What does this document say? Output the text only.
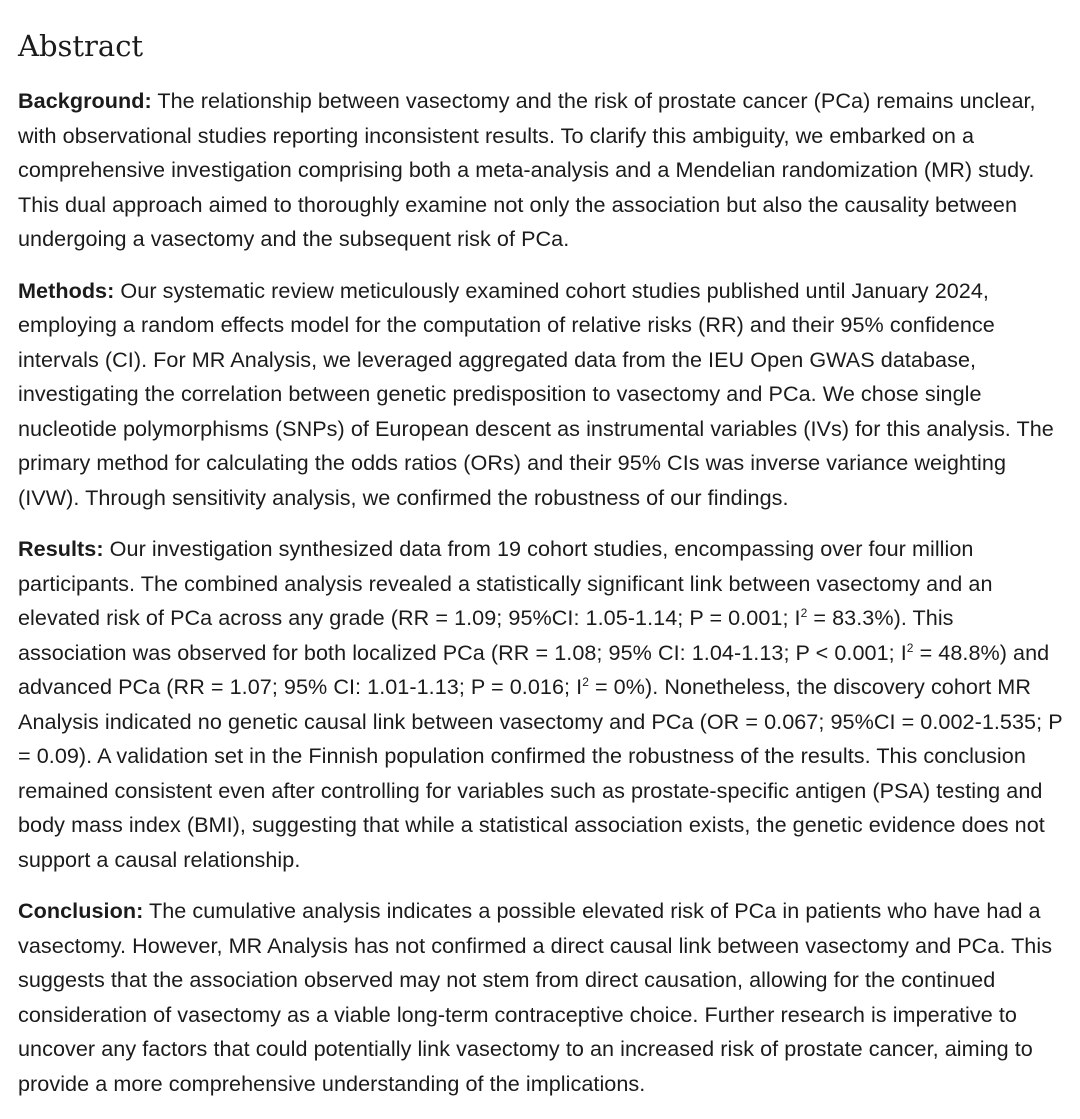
Abstract

Background: The relationship between vasectomy and the risk of prostate cancer (PCa) remains unclear, with observational studies reporting inconsistent results. To clarify this ambiguity, we embarked on a comprehensive investigation comprising both a meta-analysis and a Mendelian randomization (MR) study. This dual approach aimed to thoroughly examine not only the association but also the causality between undergoing a vasectomy and the subsequent risk of PCa.

Methods: Our systematic review meticulously examined cohort studies published until January 2024, employing a random effects model for the computation of relative risks (RR) and their 95% confidence intervals (CI). For MR Analysis, we leveraged aggregated data from the IEU Open GWAS database, investigating the correlation between genetic predisposition to vasectomy and PCa. We chose single nucleotide polymorphisms (SNPs) of European descent as instrumental variables (IVs) for this analysis. The primary method for calculating the odds ratios (ORs) and their 95% CIs was inverse variance weighting (IVW). Through sensitivity analysis, we confirmed the robustness of our findings.

Results: Our investigation synthesized data from 19 cohort studies, encompassing over four million participants. The combined analysis revealed a statistically significant link between vasectomy and an elevated risk of PCa across any grade (RR = 1.09; 95%CI: 1.05-1.14; P = 0.001; $I^2 = 83.3\%$). This association was observed for both localized PCa (RR = 1.08; 95% CI: 1.04-1.13; P < 0.001; $I^2 = 48.8\%$) and advanced PCa (RR = 1.07; 95% CI: 1.01-1.13; P = 0.016; $I^2 = 0\%$). Nonetheless, the discovery cohort MR Analysis indicated no genetic causal link between vasectomy and PCa (OR = 0.067; 95%CI = 0.002-1.535; P = 0.09). A validation set in the Finnish population confirmed the robustness of the results. This conclusion remained consistent even after controlling for variables such as prostate-specific antigen (PSA) testing and body mass index (BMI), suggesting that while a statistical association exists, the genetic evidence does not support a causal relationship.

Conclusion: The cumulative analysis indicates a possible elevated risk of PCa in patients who have had a vasectomy. However, MR Analysis has not confirmed a direct causal link between vasectomy and PCa. This suggests that the association observed may not stem from direct causation, allowing for the continued consideration of vasectomy as a viable long-term contraceptive choice. Further research is imperative to uncover any factors that could potentially link vasectomy to an increased risk of prostate cancer, aiming to provide a more comprehensive understanding of the implications.
